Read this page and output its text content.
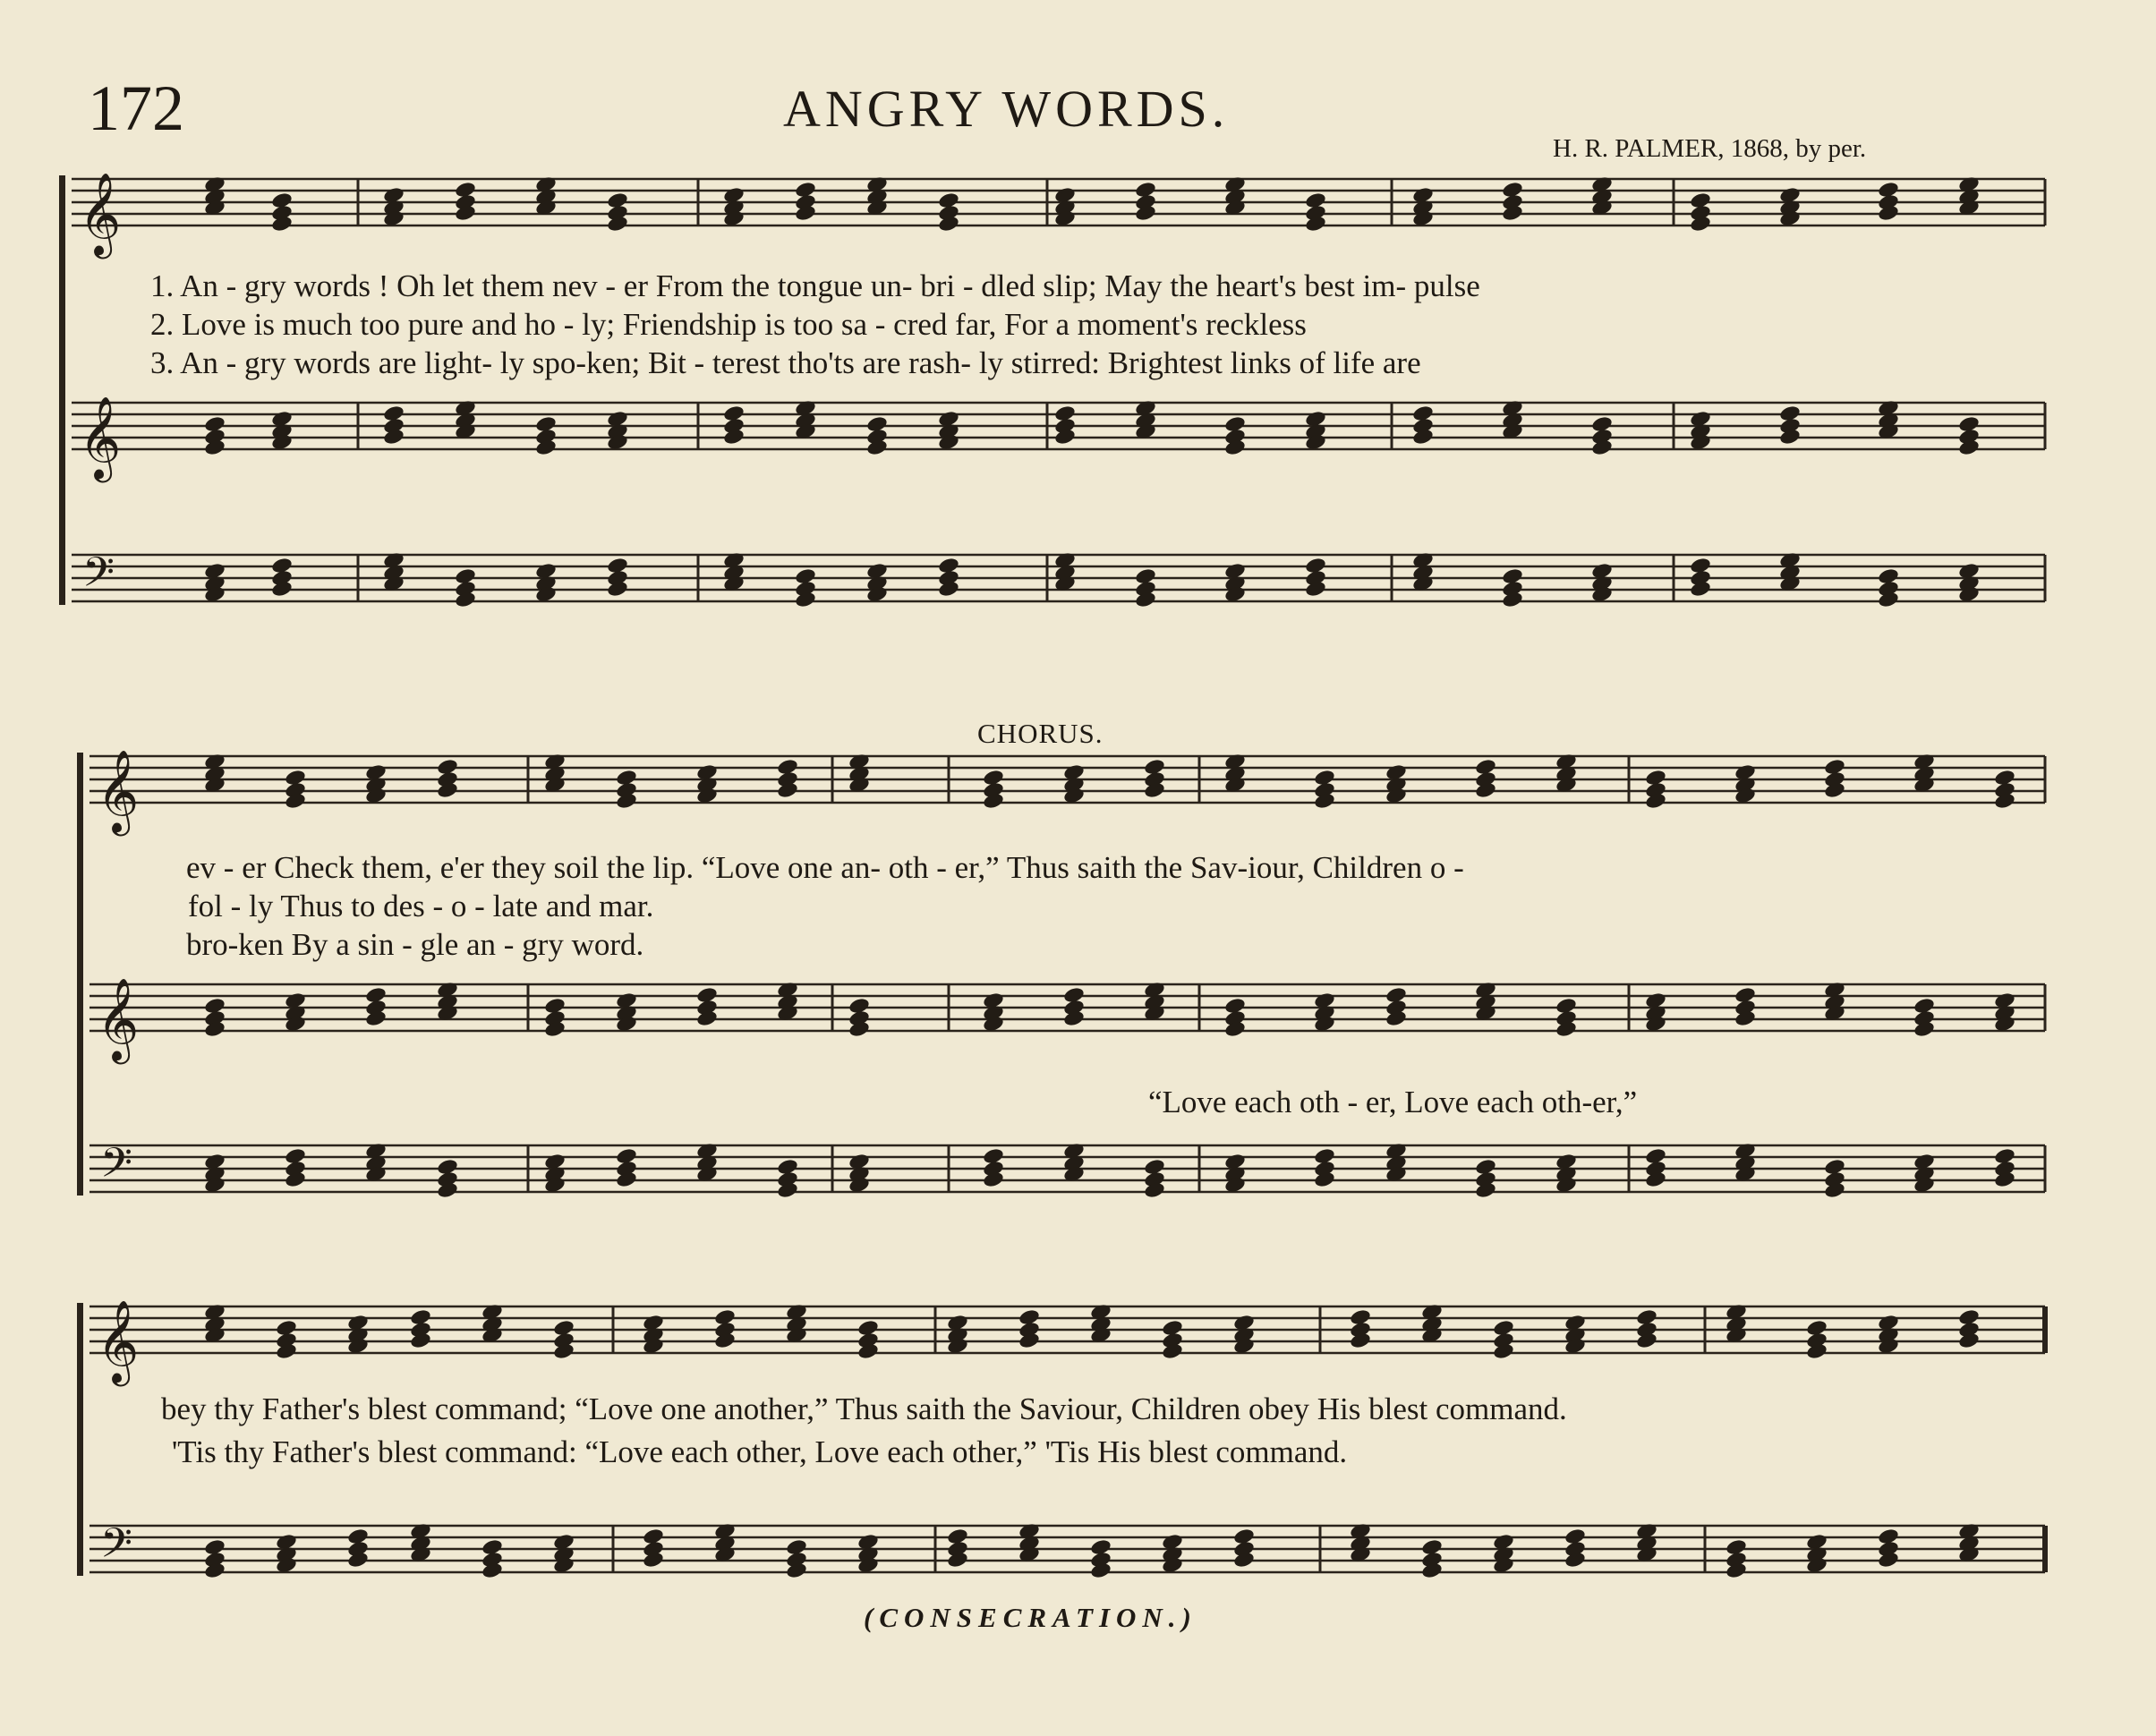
172	ANGRY WORDS.
H. R. PALMER, 1868, by per.
𝄞
𝄞
𝄢
𝄞
𝄞
𝄢
𝄞
𝄢
1. An - gry words ! Oh let them nev - er From the tongue un- bri - dled slip; May the heart's best im- pulse
2. Love is much too pure and ho - ly; Friendship is too sa - cred far, For a moment's reckless
3. An - gry words are light- ly spo-ken; Bit - terest tho'ts are rash- ly stirred: Brightest links of life are
CHORUS.
ev - er Check them, e'er they soil the lip. “Love one an- oth - er,” Thus saith the Sav-iour, Children o -
fol - ly Thus to des - o - late and mar.
bro-ken By a sin - gle an - gry word.
“Love each oth - er, Love each oth-er,”
bey thy Father's blest command; “Love one another,” Thus saith the Saviour, Children obey His blest command.
'Tis thy Father's blest command: “Love each other, Love each other,” 'Tis His blest command.
(CONSECRATION.)
